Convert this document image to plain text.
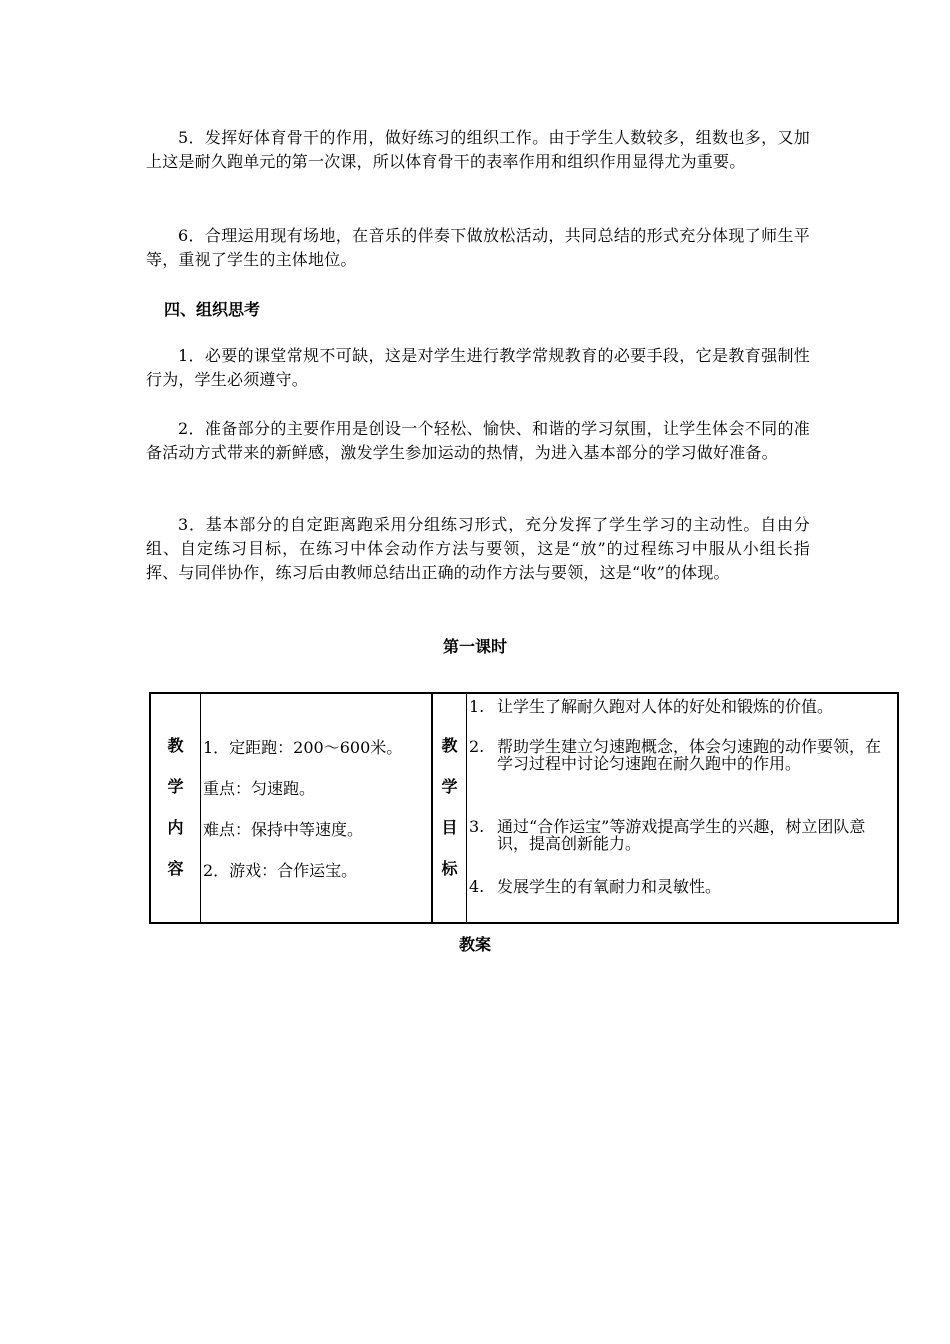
5．发挥好体育骨干的作用，做好练习的组织工作。由于学生人数较多，组数也多，又加上这是耐久跑单元的第一次课，所以体育骨干的表率作用和组织作用显得尤为重要。

6．合理运用现有场地，在音乐的伴奏下做放松活动，共同总结的形式充分体现了师生平等，重视了学生的主体地位。

四、组织思考

1．必要的课堂常规不可缺，这是对学生进行教学常规教育的必要手段，它是教育强制性行为，学生必须遵守。

2．准备部分的主要作用是创设一个轻松、愉快、和谐的学习氛围，让学生体会不同的准备活动方式带来的新鲜感，激发学生参加运动的热情，为进入基本部分的学习做好准备。

3．基本部分的自定距离跑采用分组练习形式，充分发挥了学生学习的主动性。自由分组、自定练习目标，在练习中体会动作方法与要领，这是“放”的过程练习中服从小组长指挥、与同伴协作，练习后由教师总结出正确的动作方法与要领，这是“收”的体现。

第一课时
教
学
内
容
1．定距跑：200～600米。
重点：匀速跑。
难点：保持中等速度。
2．游戏：合作运宝。
教
学
目
标
1. 让学生了解耐久跑对人体的好处和锻炼的价值。
2. 帮助学生建立匀速跑概念，体会匀速跑的动作要领，在学习过程中讨论匀速跑在耐久跑中的作用。
3. 通过“合作运宝”等游戏提高学生的兴趣，树立团队意识，提高创新能力。
4. 发展学生的有氧耐力和灵敏性。
教案
